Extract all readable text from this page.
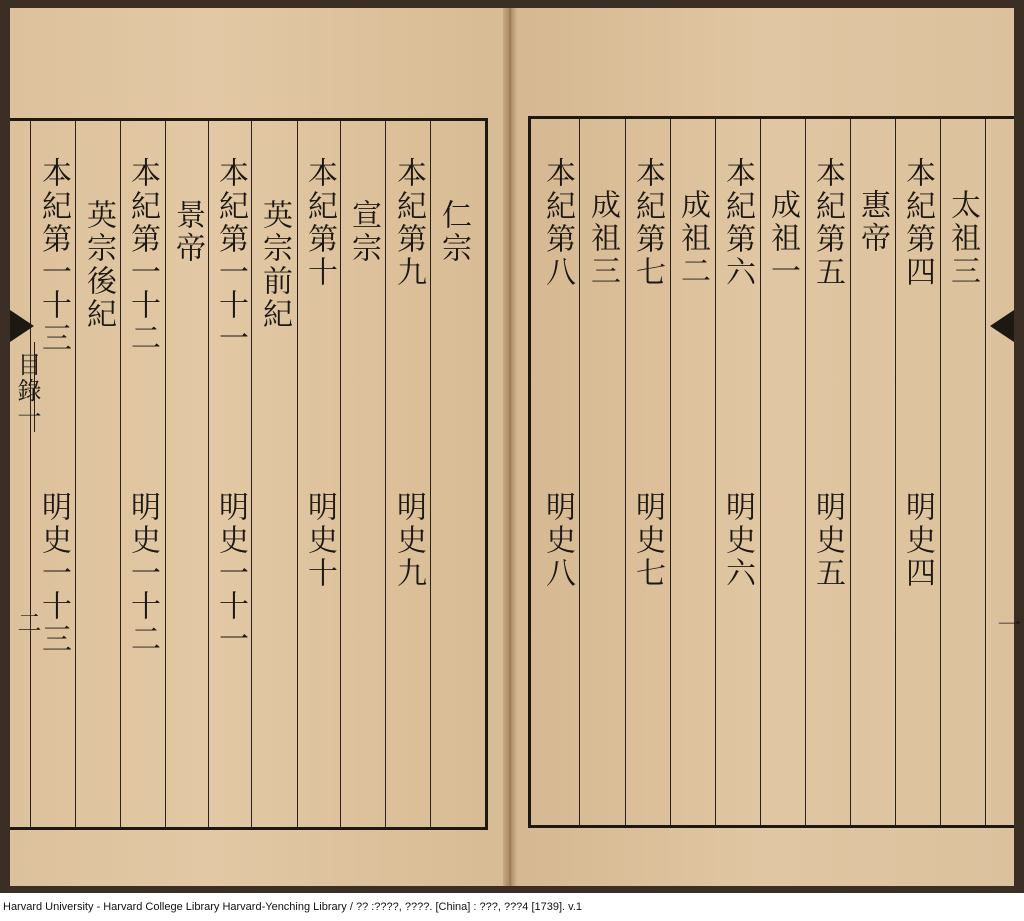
仁宗
本紀第九
明史九
宣宗
本紀第十
明史十
英宗前紀
本紀第一十一
明史一十一
景帝
本紀第一十二
明史一十二
英宗後紀
本紀第一十三
明史一十三
目錄一
二
太祖三
本紀第四
明史四
惠帝
本紀第五
明史五
成祖一
本紀第六
明史六
成祖二
本紀第七
明史七
成祖三
本紀第八
明史八
一
Harvard University - Harvard College Library Harvard-Yenching Library / ?? :????, ????. [China] : ???, ???4 [1739]. v.1
